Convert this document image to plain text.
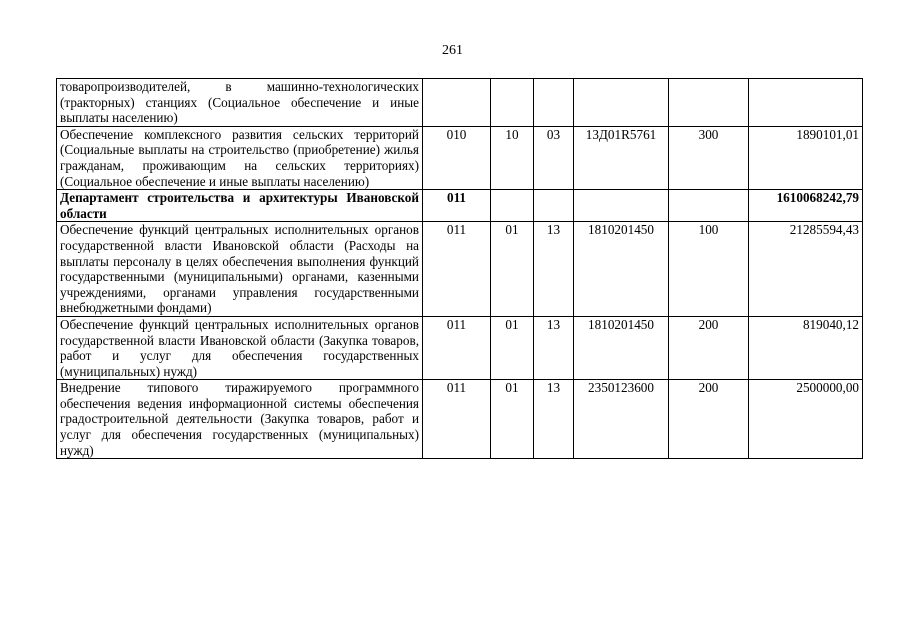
261
товаропроизводителей, в машинно-технологических (тракторных) станциях (Социальное обеспечение и иные выплаты населению)						
Обеспечение комплексного развития сельских территорий (Социальные выплаты на строительство (приобретение) жилья гражданам, проживающим на сельских территориях) (Социальное обеспечение и иные выплаты населению)	010	10	03	13Д01R5761	300	1890101,01
Департамент строительства и архитектуры Ивановской области	011					1610068242,79
Обеспечение функций центральных исполнительных органов государственной власти Ивановской области (Расходы на выплаты персоналу в целях обеспечения выполнения функций государственными (муниципальными) органами, казенными учреждениями, органами управления государственными внебюджетными фондами)	011	01	13	1810201450	100	21285594,43
Обеспечение функций центральных исполнительных органов государственной власти Ивановской области (Закупка товаров, работ и услуг для обеспечения государственных (муниципальных) нужд)	011	01	13	1810201450	200	819040,12
Внедрение типового тиражируемого программного обеспечения ведения информационной системы обеспечения градостроительной деятельности (Закупка товаров, работ и услуг для обеспечения государственных (муниципальных) нужд)	011	01	13	2350123600	200	2500000,00
